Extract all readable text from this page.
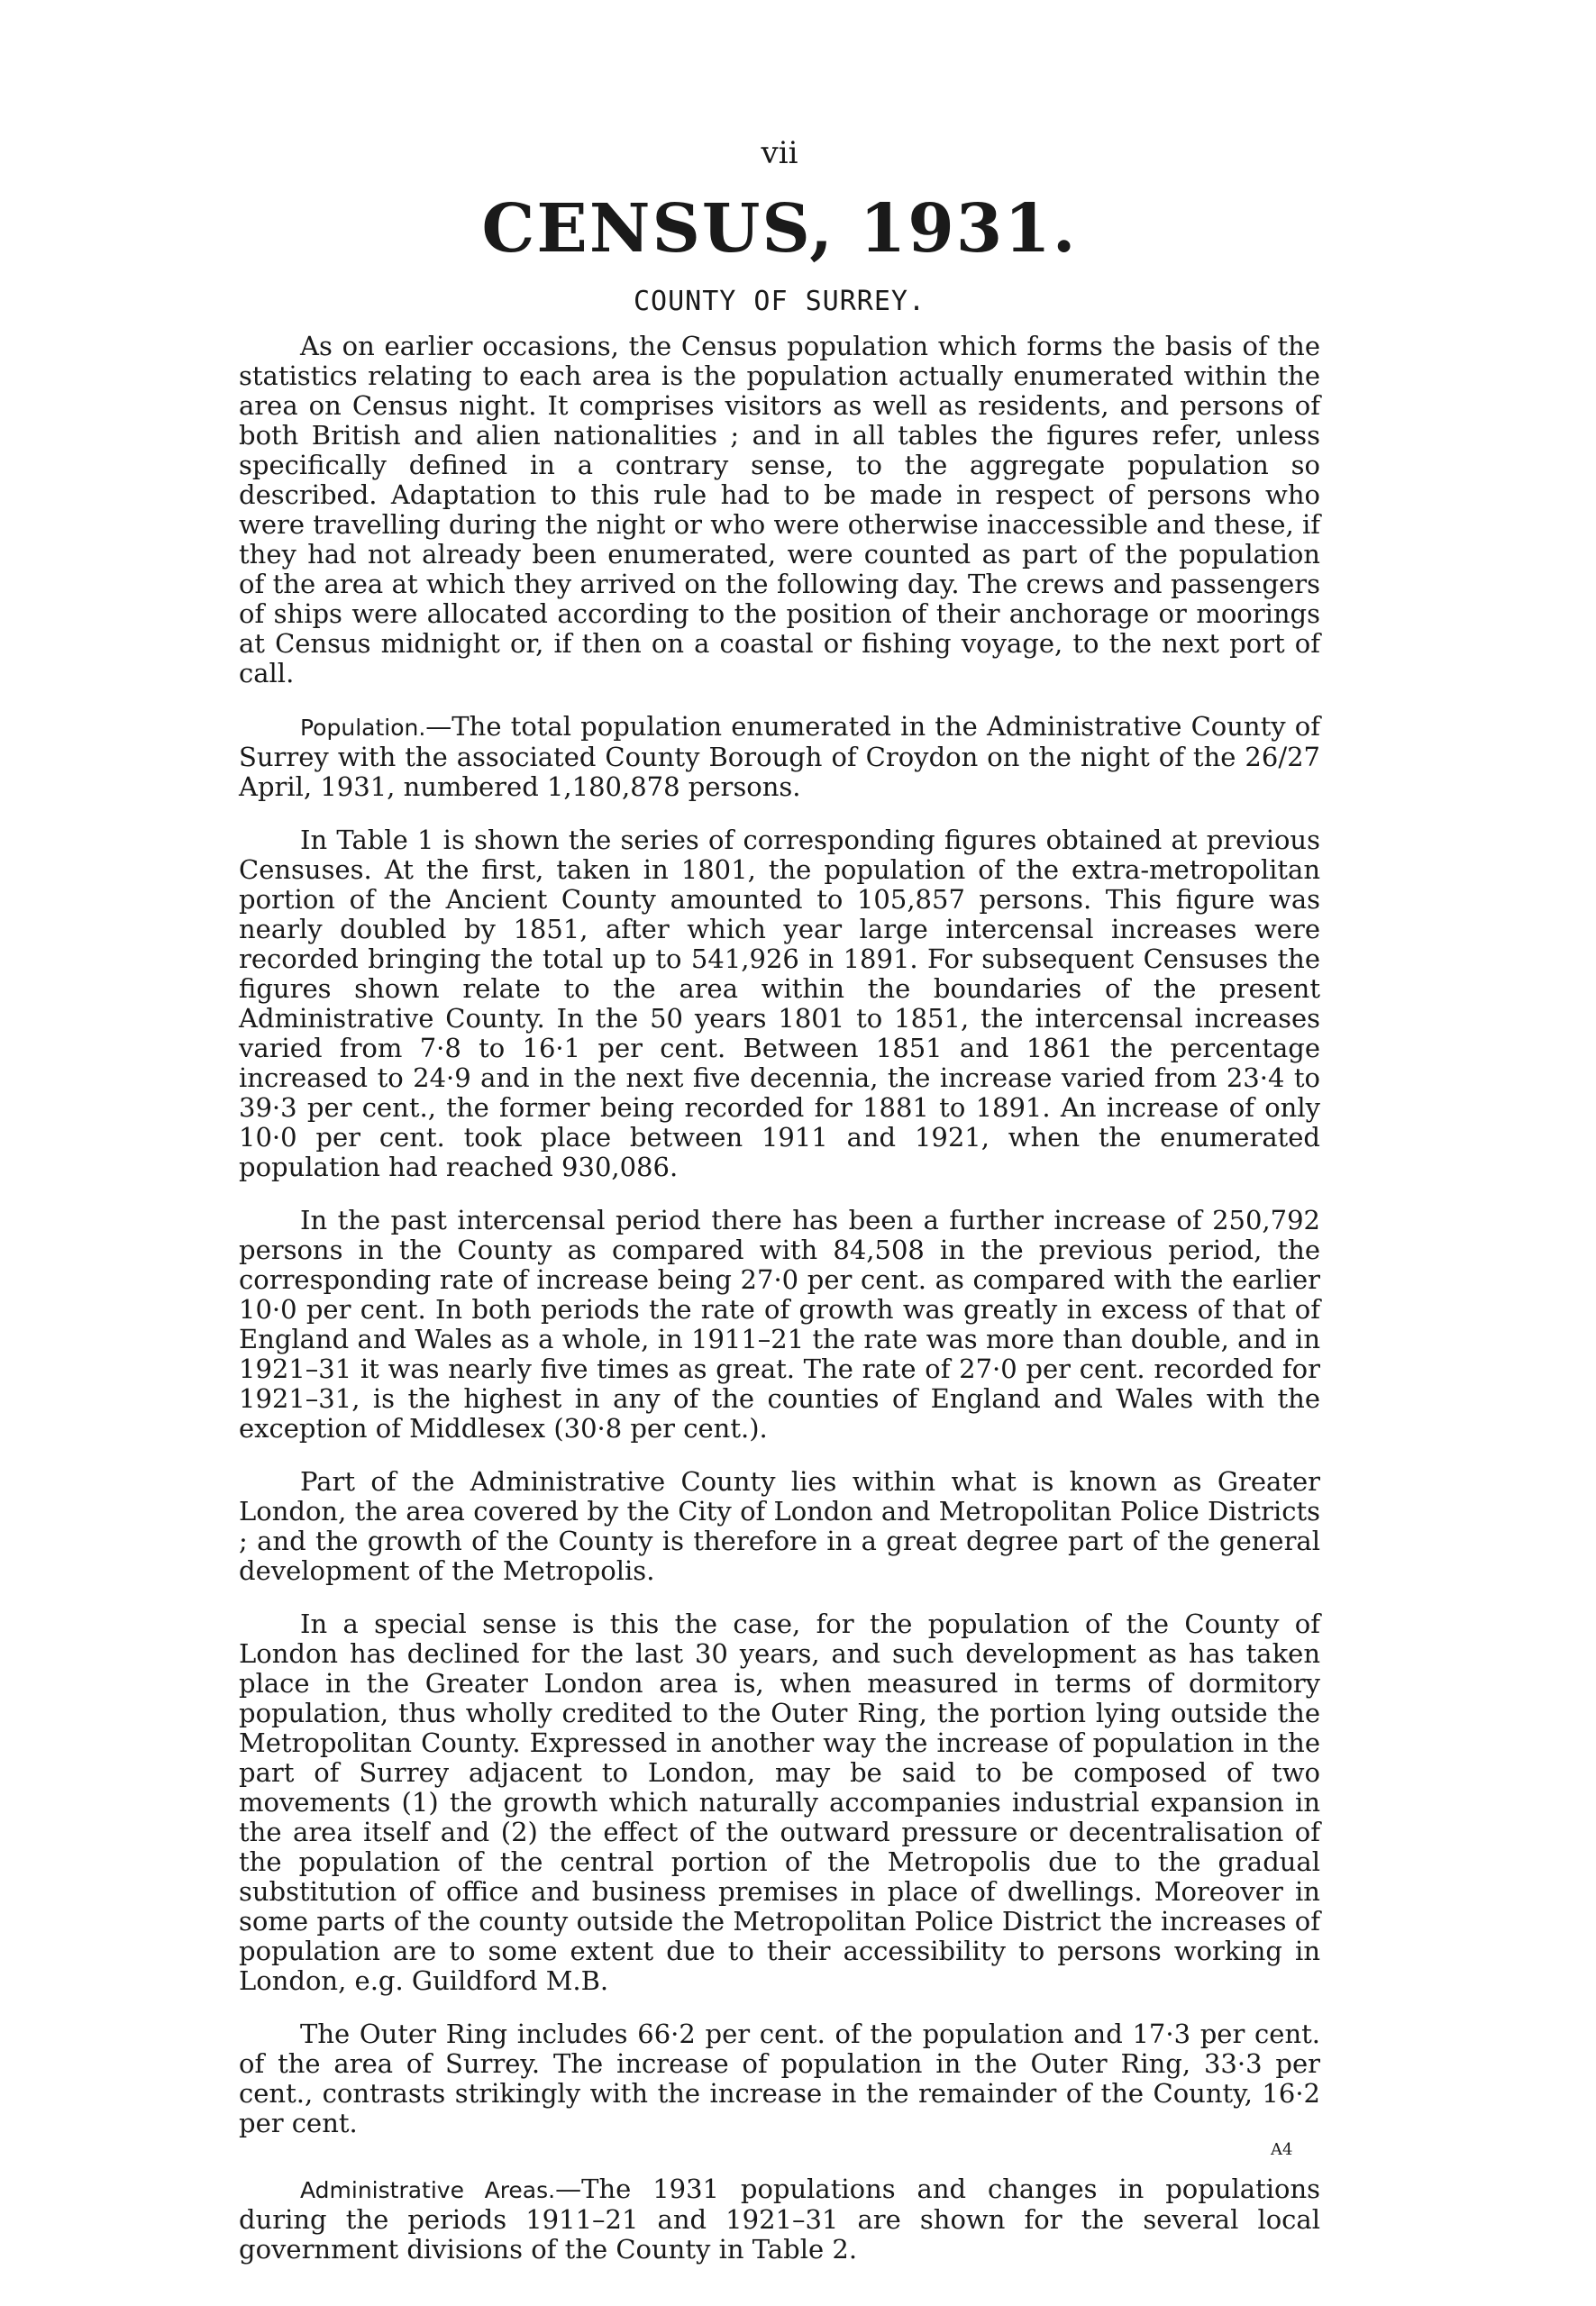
vii
CENSUS, 1931.
COUNTY OF SURREY.

As on earlier occasions, the Census population which forms the basis of the statistics relating to each area is the population actually enumerated within the area on Census night. It comprises visitors as well as residents, and persons of both British and alien nationalities ; and in all tables the figures refer, unless specifically defined in a contrary sense, to the aggregate population so described. Adaptation to this rule had to be made in respect of persons who were travelling during the night or who were otherwise inaccessible and these, if they had not already been enumerated, were counted as part of the population of the area at which they arrived on the following day. The crews and passengers of ships were allocated according to the position of their anchorage or moorings at Census midnight or, if then on a coastal or fishing voyage, to the next port of call.

Population.—The total population enumerated in the Administrative County of Surrey with the associated County Borough of Croydon on the night of the 26/27 April, 1931, numbered 1,180,878 persons.

In Table 1 is shown the series of corresponding figures obtained at previous Censuses. At the first, taken in 1801, the population of the extra-metropolitan portion of the Ancient County amounted to 105,857 persons. This figure was nearly doubled by 1851, after which year large intercensal increases were recorded bringing the total up to 541,926 in 1891. For subsequent Censuses the figures shown relate to the area within the boundaries of the present Administrative County. In the 50 years 1801 to 1851, the intercensal increases varied from 7·8 to 16·1 per cent. Between 1851 and 1861 the percentage increased to 24·9 and in the next five decennia, the increase varied from 23·4 to 39·3 per cent., the former being recorded for 1881 to 1891. An increase of only 10·0 per cent. took place between 1911 and 1921, when the enumerated population had reached 930,086.

In the past intercensal period there has been a further increase of 250,792 persons in the County as compared with 84,508 in the previous period, the corresponding rate of increase being 27·0 per cent. as compared with the earlier 10·0 per cent. In both periods the rate of growth was greatly in excess of that of England and Wales as a whole, in 1911–21 the rate was more than double, and in 1921–31 it was nearly five times as great. The rate of 27·0 per cent. recorded for 1921–31, is the highest in any of the counties of England and Wales with the exception of Middlesex (30·8 per cent.).

Part of the Administrative County lies within what is known as Greater London, the area covered by the City of London and Metropolitan Police Districts ; and the growth of the County is therefore in a great degree part of the general development of the Metropolis.

In a special sense is this the case, for the population of the County of London has declined for the last 30 years, and such development as has taken place in the Greater London area is, when measured in terms of dormitory population, thus wholly credited to the Outer Ring, the portion lying outside the Metropolitan County. Expressed in another way the increase of population in the part of Surrey adjacent to London, may be said to be composed of two movements (1) the growth which naturally accompanies industrial expansion in the area itself and (2) the effect of the outward pressure or decentralisation of the population of the central portion of the Metropolis due to the gradual substitution of office and business premises in place of dwellings. Moreover in some parts of the county outside the Metropolitan Police District the increases of population are to some extent due to their accessibility to persons working in London, e.g. Guildford M.B.

The Outer Ring includes 66·2 per cent. of the population and 17·3 per cent. of the area of Surrey. The increase of population in the Outer Ring, 33·3 per cent., contrasts strikingly with the increase in the remainder of the County, 16·2 per cent.

Administrative Areas.—The 1931 populations and changes in populations during the periods 1911–21 and 1921–31 are shown for the several local government divisions of the County in Table 2.

A4
